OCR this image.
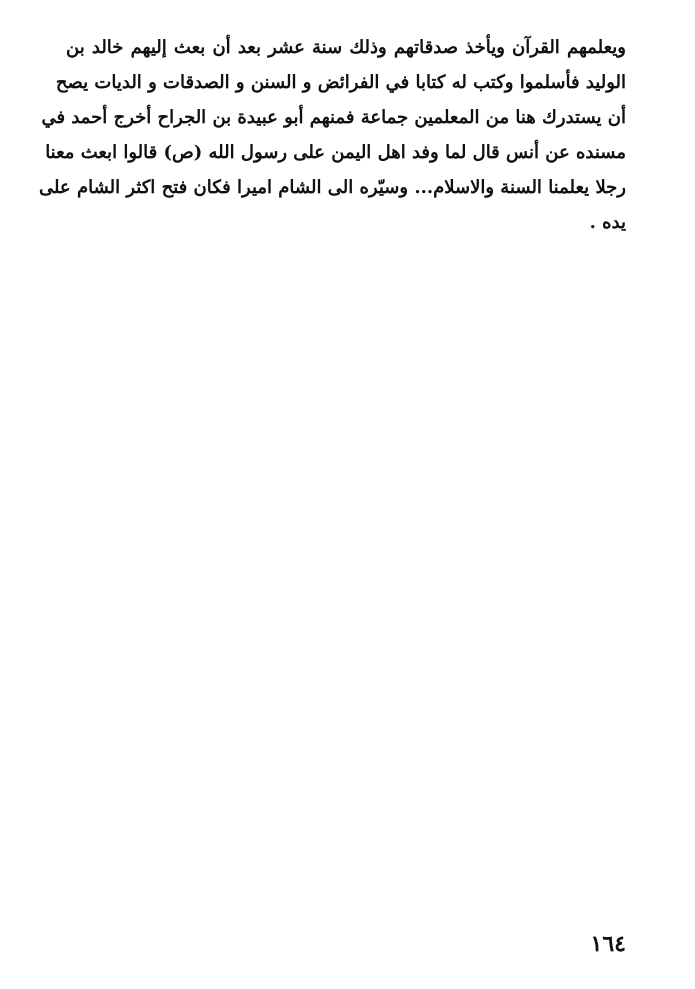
ويعلمهم القرآن ويأخذ صدقاتهم وذلك سنة عشر بعد أن بعث إليهم خالد بن
الوليد فأسلموا وكتب له كتابا في الفرائض و السنن و الصدقات و الديات يصح
أن يستدرك هنا من المعلمين جماعة فمنهم أبو عبيدة بن الجراح أخرج أحمد في
مسنده عن أنس قال لما وفد اهل اليمن على رسول الله (ص) قالوا ابعث معنا
رجلا يعلمنا السنة والاسلام... وسيّره الى الشام اميرا فكان فتح اكثر الشام على
يده .
١٦٤
